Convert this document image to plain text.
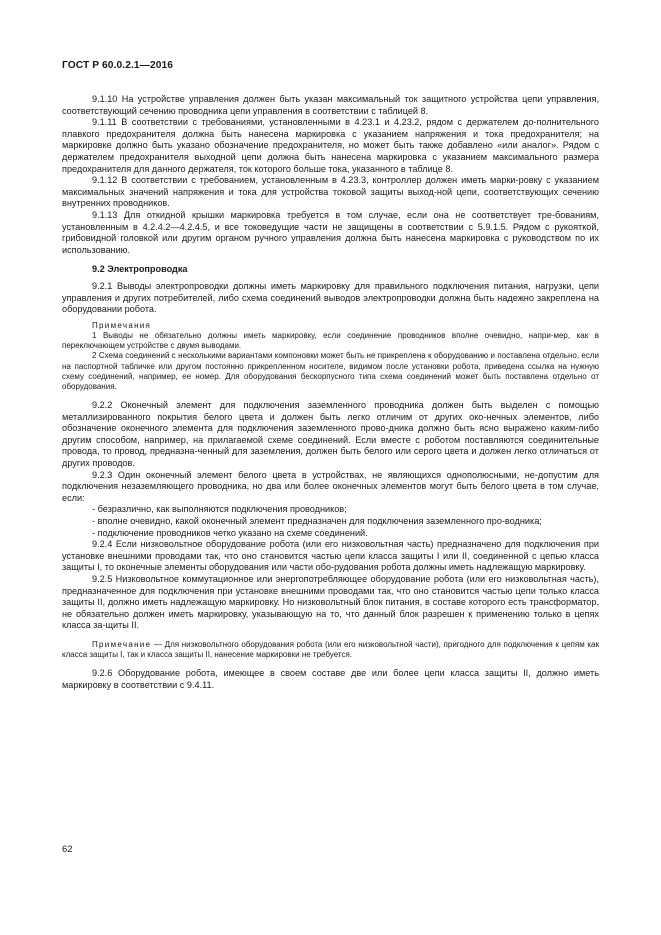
ГОСТ Р 60.0.2.1—2016

9.1.10 На устройстве управления должен быть указан максимальный ток защитного устройства цепи управления, соответствующий сечению проводника цепи управления в соответствии с таблицей 8.

9.1.11 В соответствии с требованиями, установленными в 4.23.1 и 4.23.2, рядом с держателем до-полнительного плавкого предохранителя должна быть нанесена маркировка с указанием напряжения и тока предохранителя; на маркировке должно быть указано обозначение предохранителя, но может быть также добавлено «или аналог». Рядом с держателем предохранителя выходной цепи должна быть нанесена маркировка с указанием максимального размера предохранителя для данного держателя, ток которого больше тока, указанного в таблице 8.

9.1.12 В соответствии с требованием, установленным в 4.23.3, контроллер должен иметь марки-ровку с указанием максимальных значений напряжения и тока для устройства токовой защиты выход-ной цепи, соответствующих сечению внутренних проводников.

9.1.13 Для откидной крышки маркировка требуется в том случае, если она не соответствует тре-бованиям, установленным в 4.2.4.2—4.2.4.5, и все токоведущие части не защищены в соответствии с 5.9.1.5. Рядом с рукояткой, грибовидной головкой или другим органом ручного управления должна быть нанесена маркировка с руководством по их использованию.

9.2 Электропроводка

9.2.1 Выводы электропроводки должны иметь маркировку для правильного подключения питания, нагрузки, цепи управления и других потребителей, либо схема соединений выводов электропроводки должна быть надежно закреплена на оборудовании робота.

Примечания

1 Выводы не обязательно должны иметь маркировку, если соединение проводников вполне очевидно, напри-мер, как в переключающем устройстве с двумя выводами.

2 Схема соединений с несколькими вариантами компоновки может быть не прикреплена к оборудованию и поставлена отдельно, если на паспортной табличке или другом постоянно прикрепленном носителе, видимом после установки робота, приведена ссылка на нужную схему соединений, например, ее номер. Для оборудования бескорпусного типа схема соединений может быть поставлена отдельно от оборудования.

9.2.2 Оконечный элемент для подключения заземленного проводника должен быть выделен с помощью металлизированного покрытия белого цвета и должен быть легко отличим от других око-нечных элементов, либо обозначение оконечного элемента для подключения заземленного прово-дника должно быть ясно выражено каким-либо другим способом, например, на прилагаемой схеме соединений. Если вместе с роботом поставляются соединительные провода, то провод, предназна-ченный для заземления, должен быть белого или серого цвета и должен легко отличаться от других проводов.

9.2.3 Один оконечный элемент белого цвета в устройствах, не являющихся однополюсными, не-допустим для подключения незаземляющего проводника, но два или более оконечных элементов могут быть белого цвета в том случае, если:

- безразлично, как выполняются подключения проводников;

- вполне очевидно, какой оконечный элемент предназначен для подключения заземленного про-водника;

- подключение проводников четко указано на схеме соединений.

9.2.4 Если низковольтное оборудование робота (или его низковольтная часть) предназначено для подключения при установке внешними проводами так, что оно становится частью цепи класса защиты I или II, соединенной с цепью класса защиты I, то оконечные элементы оборудования или части обо-рудования робота должны иметь надлежащую маркировку.

9.2.5 Низковольтное коммутационное или энергопотребляющее оборудование робота (или его низковольтная часть), предназначенное для подключения при установке внешними проводами так, что оно становится частью цепи только класса защиты II, должно иметь надлежащую маркировку. Но низковольтный блок питания, в составе которого есть трансформатор, не обязательно должен иметь маркировку, указывающую на то, что данный блок разрешен к применению только в цепях класса за-щиты II.

Примечание — Для низковольтного оборудования робота (или его низковольтной части), пригодного для подключения к цепям как класса защиты I, так и класса защиты II, нанесение маркировки не требуется.

9.2.6 Оборудование робота, имеющее в своем составе две или более цепи класса защиты II, должно иметь маркировку в соответствии с 9.4.11.

62
